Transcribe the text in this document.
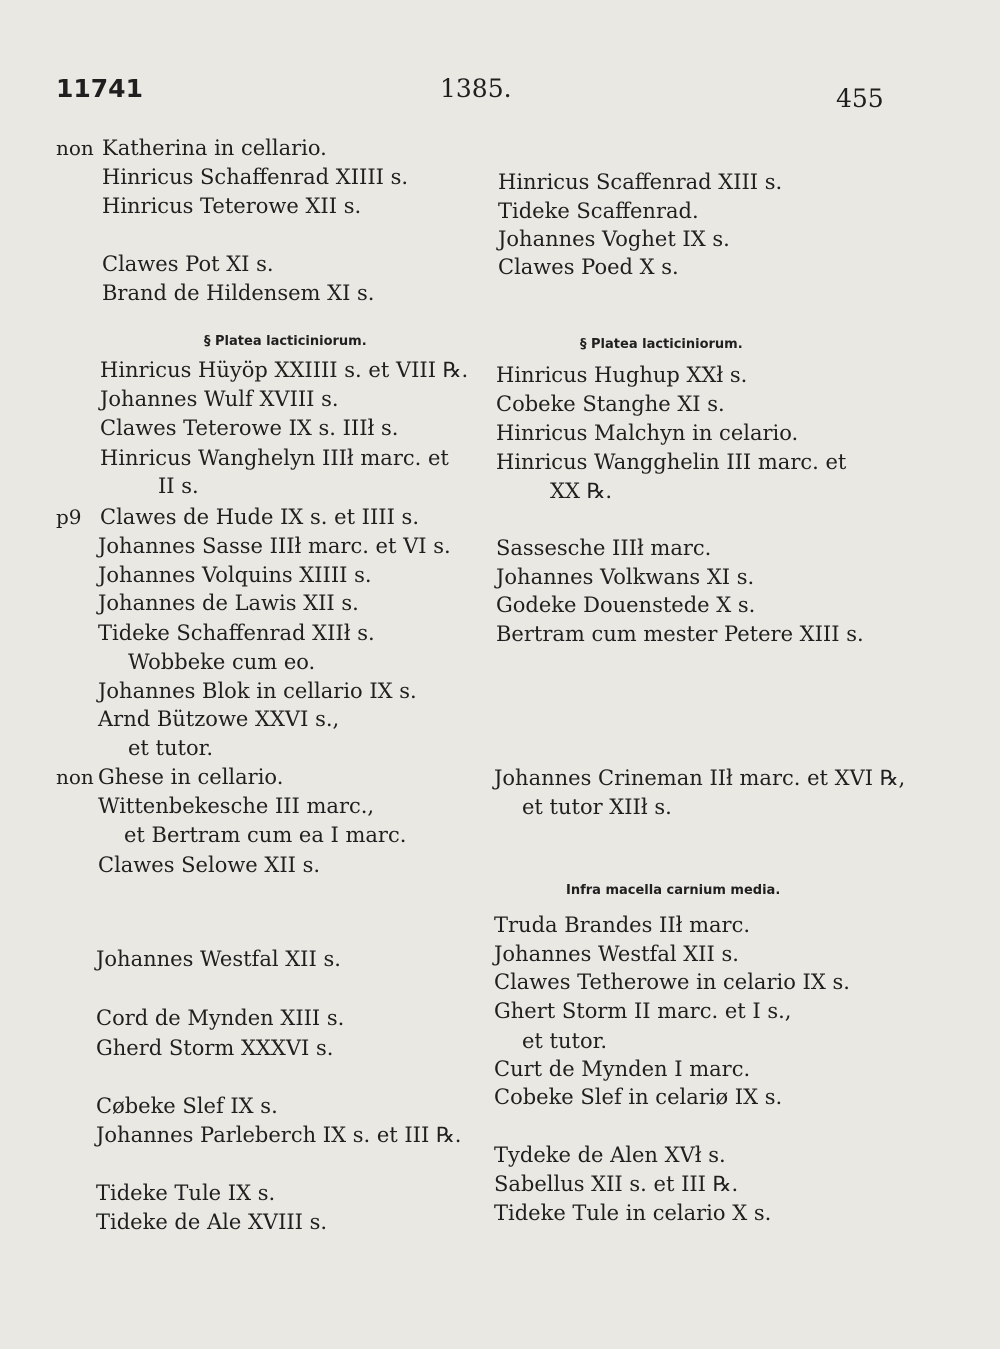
11741	1385.	455
non
p9
non
Katherina in cellario.
Hinricus Schaffenrad XIIII s.
Hinricus Teterowe XII s.
Clawes Pot XI s.
Brand de Hildensem XI s.
§ Platea lacticiniorum.
Hinricus Hüyöp XXIIII s. et VIII ℞.
Johannes Wulf XVIII s.
Clawes Teterowe IX s. IIIł s.
Hinricus Wanghelyn IIIł marc. et
II s.
Clawes de Hude IX s. et IIII s.
Johannes Sasse IIIł marc. et VI s.
Johannes Volquins XIIII s.
Johannes de Lawis XII s.
Tideke Schaffenrad XIIł s.
Wobbeke cum eo.
Johannes Blok in cellario IX s.
Arnd Bützowe XXVI s.,
et tutor.
Ghese in cellario.
Wittenbekesche III marc.,
et Bertram cum ea I marc.
Clawes Selowe XII s.
Johannes Westfal XII s.
Cord de Mynden XIII s.
Gherd Storm XXXVI s.
Cøbeke Slef IX s.
Johannes Parleberch IX s. et III ℞.
Tideke Tule IX s.
Tideke de Ale XVIII s.
Hinricus Scaffenrad XIII s.
Tideke Scaffenrad.
Johannes Voghet IX s.
Clawes Poed X s.
§ Platea lacticiniorum.
Hinricus Hughup XXł s.
Cobeke Stanghe XI s.
Hinricus Malchyn in celario.
Hinricus Wangghelin III marc. et
XX ℞.
Sassesche IIIł marc.
Johannes Volkwans XI s.
Godeke Douenstede X s.
Bertram cum mester Petere XIII s.
Johannes Crineman IIł marc. et XVI ℞,
et tutor XIIł s.
Infra macella carnium media.
Truda Brandes IIł marc.
Johannes Westfal XII s.
Clawes Tetherowe in celario IX s.
Ghert Storm II marc. et I s.,
et tutor.
Curt de Mynden I marc.
Cobeke Slef in celariø IX s.
Tydeke de Alen XVł s.
Sabellus XII s. et III ℞.
Tideke Tule in celario X s.
